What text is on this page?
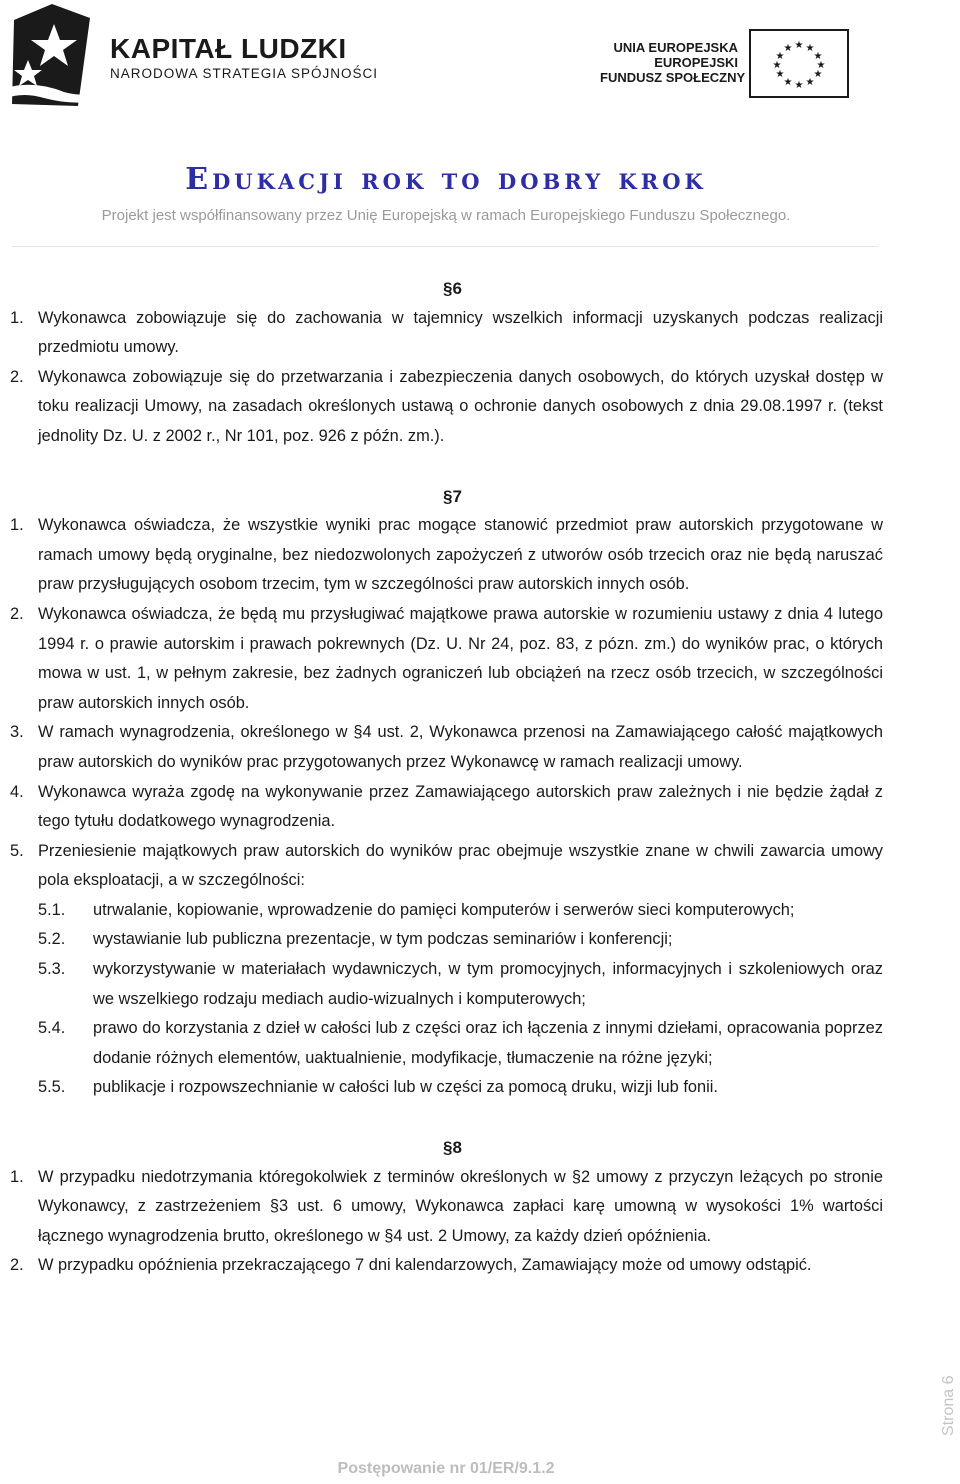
KAPITAŁ LUDZKI
NARODOWA STRATEGIA SPÓJNOŚCI
UNIA EUROPEJSKA
EUROPEJSKI
FUNDUSZ SPOŁECZNY
★ ★
★
★
★
★
★
★
★
★
★
★
Edukacji rok to dobry krok
Projekt jest współfinansowany przez Unię Europejską w ramach Europejskiego Funduszu Społecznego.
§6
1. Wykonawca zobowiązuje się do zachowania w tajemnicy wszelkich informacji uzyskanych podczas realizacji przedmiotu umowy.
2. Wykonawca zobowiązuje się do przetwarzania i zabezpieczenia danych osobowych, do których uzyskał dostęp w toku realizacji Umowy, na zasadach określonych ustawą o ochronie danych osobowych z dnia 29.08.1997 r. (tekst jednolity Dz. U. z 2002 r., Nr 101, poz. 926 z późn. zm.).
§7
1. Wykonawca oświadcza, że wszystkie wyniki prac mogące stanowić przedmiot praw autorskich przygotowane w ramach umowy będą oryginalne, bez niedozwolonych zapożyczeń z utworów osób trzecich oraz nie będą naruszać praw przysługujących osobom trzecim, tym w szczególności praw autorskich innych osób.
2. Wykonawca oświadcza, że będą mu przysługiwać majątkowe prawa autorskie w rozumieniu ustawy z dnia 4 lutego 1994 r. o prawie autorskim i prawach pokrewnych (Dz. U. Nr 24, poz. 83, z pózn. zm.) do wyników prac, o których mowa w ust. 1, w pełnym zakresie, bez żadnych ograniczeń lub obciążeń na rzecz osób trzecich, w szczególności praw autorskich innych osób.
3. W ramach wynagrodzenia, określonego w §4 ust. 2, Wykonawca przenosi na Zamawiającego całość majątkowych praw autorskich do wyników prac przygotowanych przez Wykonawcę w ramach realizacji umowy.
4. Wykonawca wyraża zgodę na wykonywanie przez Zamawiającego autorskich praw zależnych i nie będzie żądał z tego tytułu dodatkowego wynagrodzenia.
5. Przeniesienie majątkowych praw autorskich do wyników prac obejmuje wszystkie znane w chwili zawarcia umowy pola eksploatacji, a w szczególności:
5.1.	utrwalanie, kopiowanie, wprowadzenie do pamięci komputerów i serwerów sieci komputerowych;
5.2.	wystawianie lub publiczna prezentacje, w tym podczas seminariów i konferencji;
5.3.	wykorzystywanie w materiałach wydawniczych, w tym promocyjnych, informacyjnych i szkoleniowych oraz we wszelkiego rodzaju mediach audio-wizualnych i komputerowych;
5.4.	prawo do korzystania z dzieł w całości lub z części oraz ich łączenia z innymi dziełami, opracowania poprzez dodanie różnych elementów, uaktualnienie, modyfikacje, tłumaczenie na różne języki;
5.5.	publikacje i rozpowszechnianie w całości lub w części za pomocą druku, wizji lub fonii.
§8
1. W przypadku niedotrzymania któregokolwiek z terminów określonych w §2 umowy z przyczyn leżących po stronie Wykonawcy, z zastrzeżeniem §3 ust. 6 umowy, Wykonawca zapłaci karę umowną w wysokości 1% wartości łącznego wynagrodzenia brutto, określonego w §4 ust. 2 Umowy, za każdy dzień opóźnienia.
2. W przypadku opóźnienia przekraczającego 7 dni kalendarzowych, Zamawiający może od umowy odstąpić.
Strona 6
Postępowanie nr 01/ER/9.1.2
